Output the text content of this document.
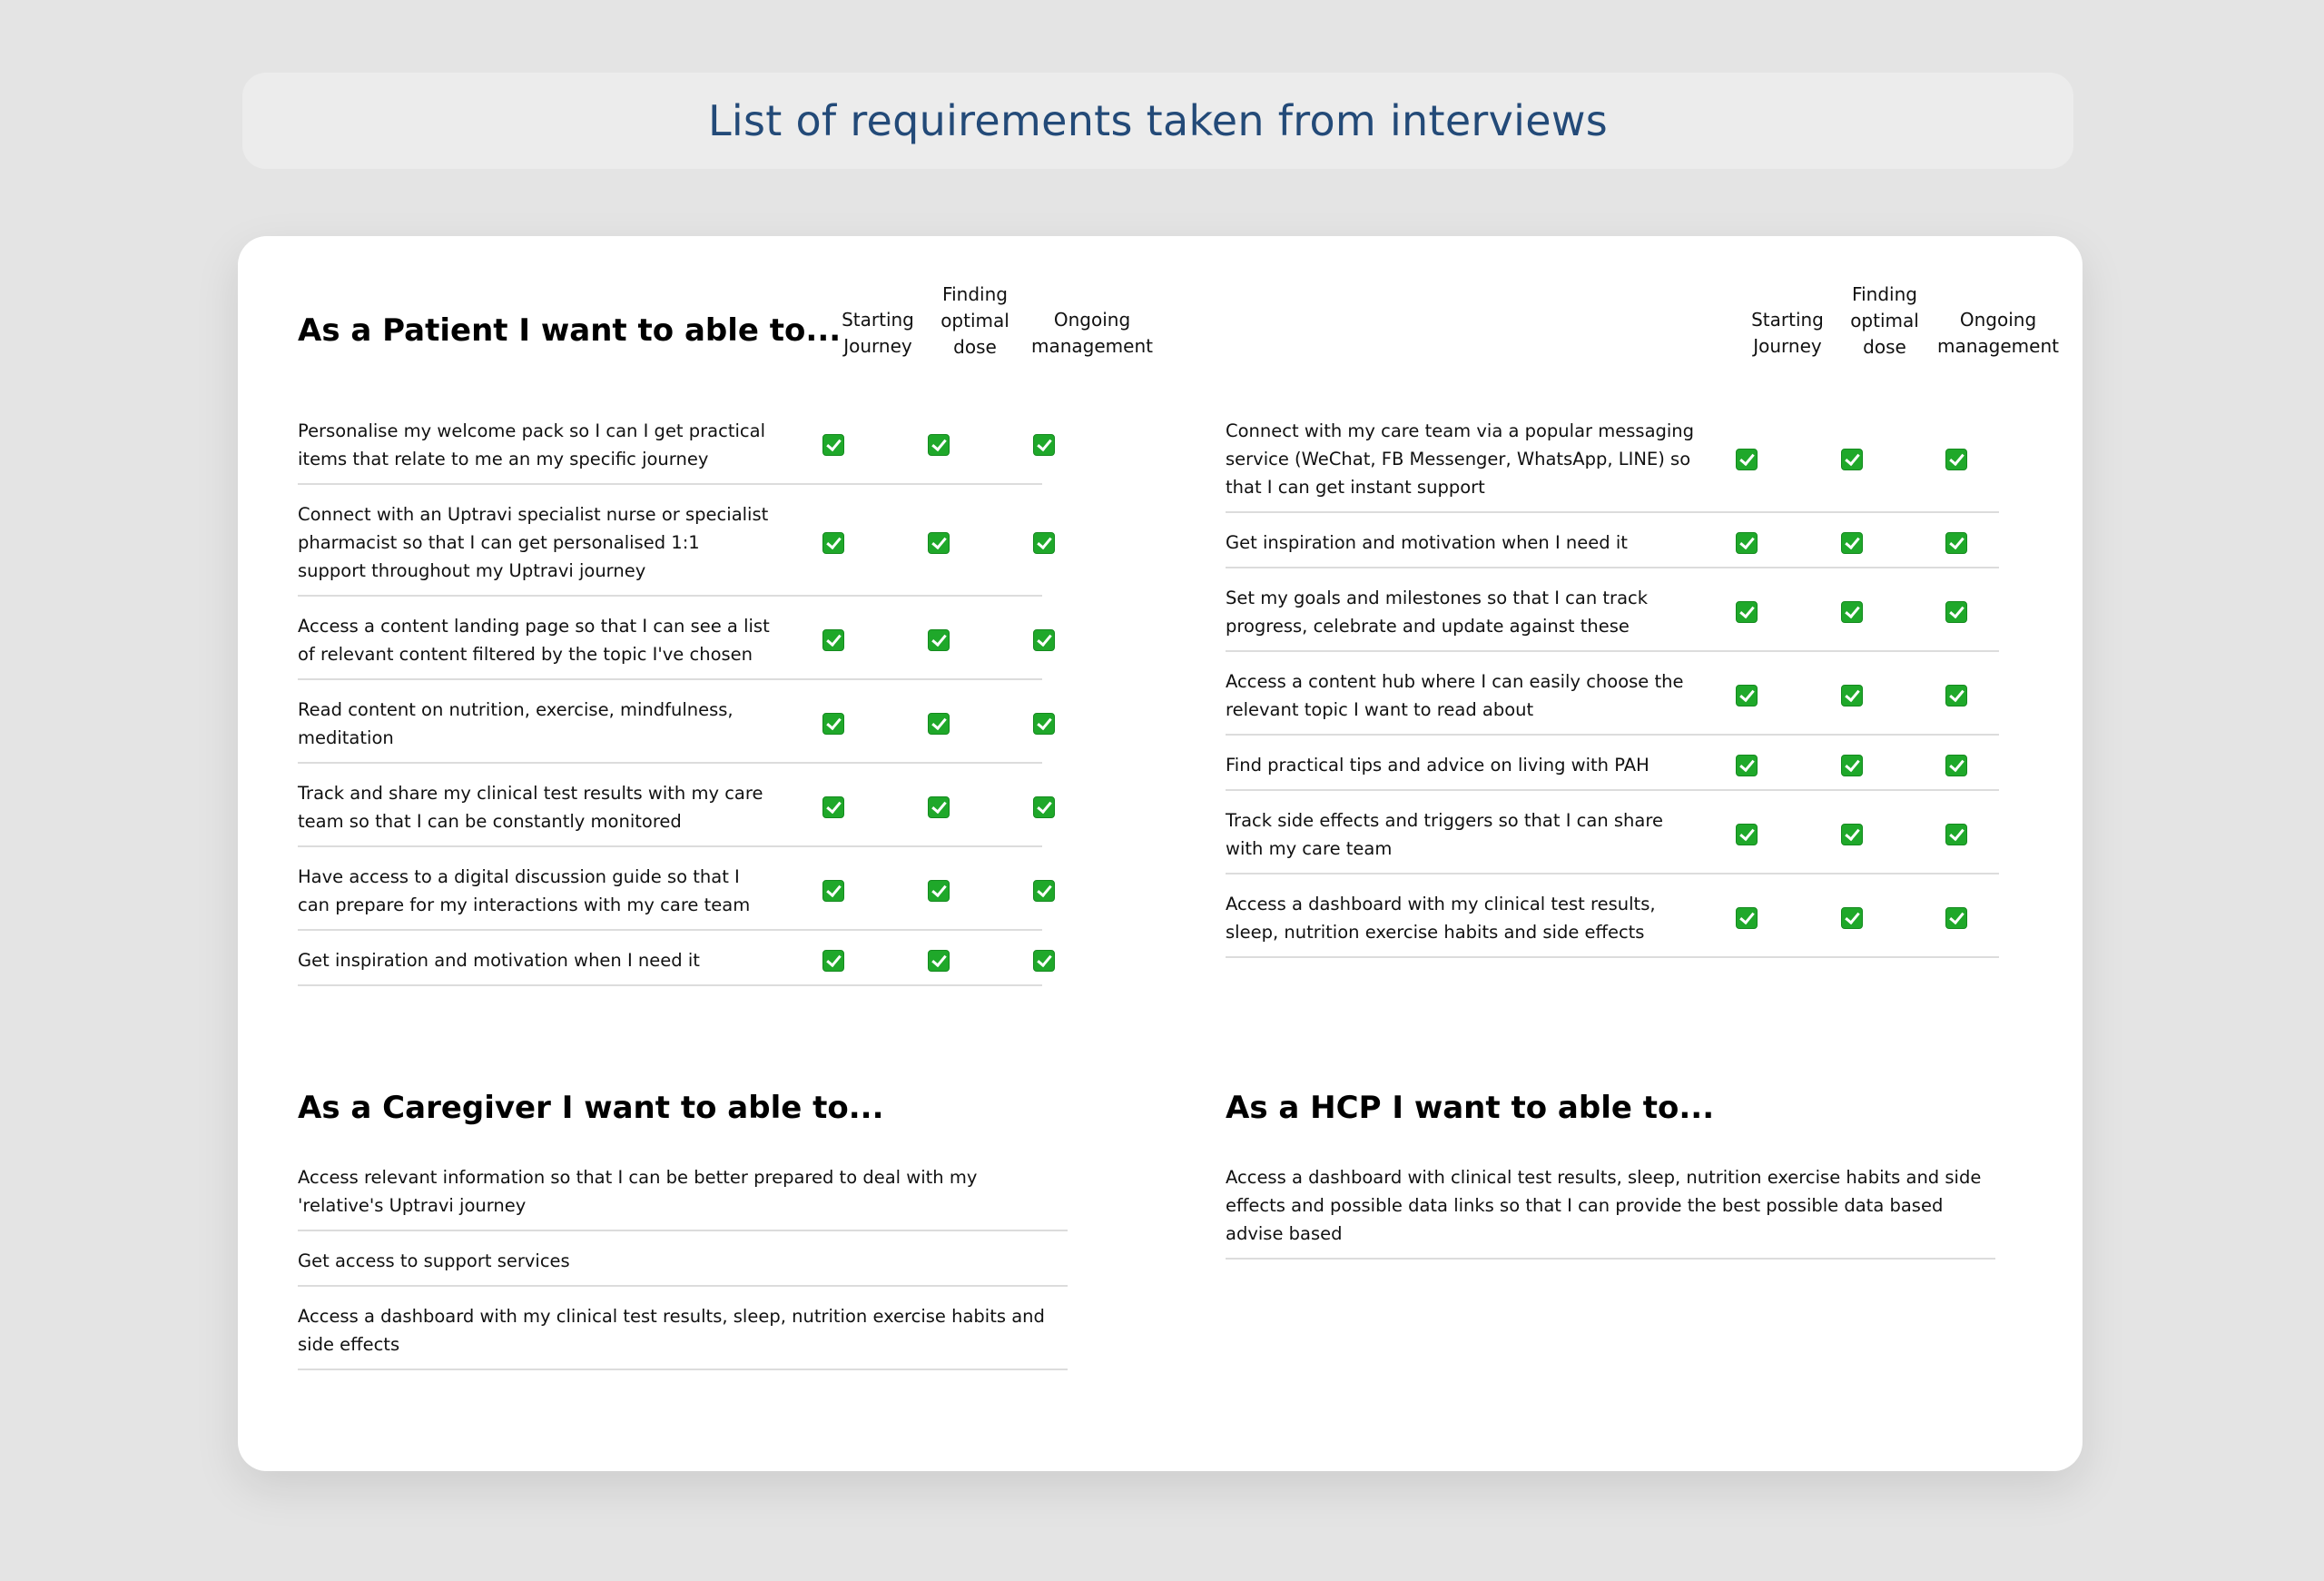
List of requirements taken from interviews
As a Patient I want to able to... Starting
Journey
Finding
optimal
dose
Ongoing
management
Personalise my welcome pack so I can I get practical items that relate to me an my specific journey
Connect with an Uptravi specialist nurse or specialist pharmacist so that I can get personalised 1:1 support throughout my Uptravi journey
Access a content landing page so that I can see a list of relevant content filtered by the topic I've chosen
Read content on nutrition, exercise, mindfulness, meditation
Track and share my clinical test results with my care team so that I can be constantly monitored
Have access to a digital discussion guide so that I can prepare for my interactions with my care team
Get inspiration and motivation when I need it
Starting
Journey
Finding
optimal
dose
Ongoing
management
Connect with my care team via a popular messaging service (WeChat, FB Messenger, WhatsApp, LINE) so that I can get instant support
Get inspiration and motivation when I need it
Set my goals and milestones so that I can track progress, celebrate and update against these
Access a content hub where I can easily choose the relevant topic I want to read about
Find practical tips and advice on living with PAH
Track side effects and triggers so that I can share with my care team
Access a dashboard with my clinical test results, sleep, nutrition exercise habits and side effects
As a Caregiver I want to able to...
Access relevant information so that I can be better prepared to deal with my 'relative's Uptravi journey
Get access to support services
Access a dashboard with my clinical test results, sleep, nutrition exercise habits and side effects
As a HCP I want to able to...
Access a dashboard with clinical test results, sleep, nutrition exercise habits and side effects and possible data links so that I can provide the best possible data based advise based
